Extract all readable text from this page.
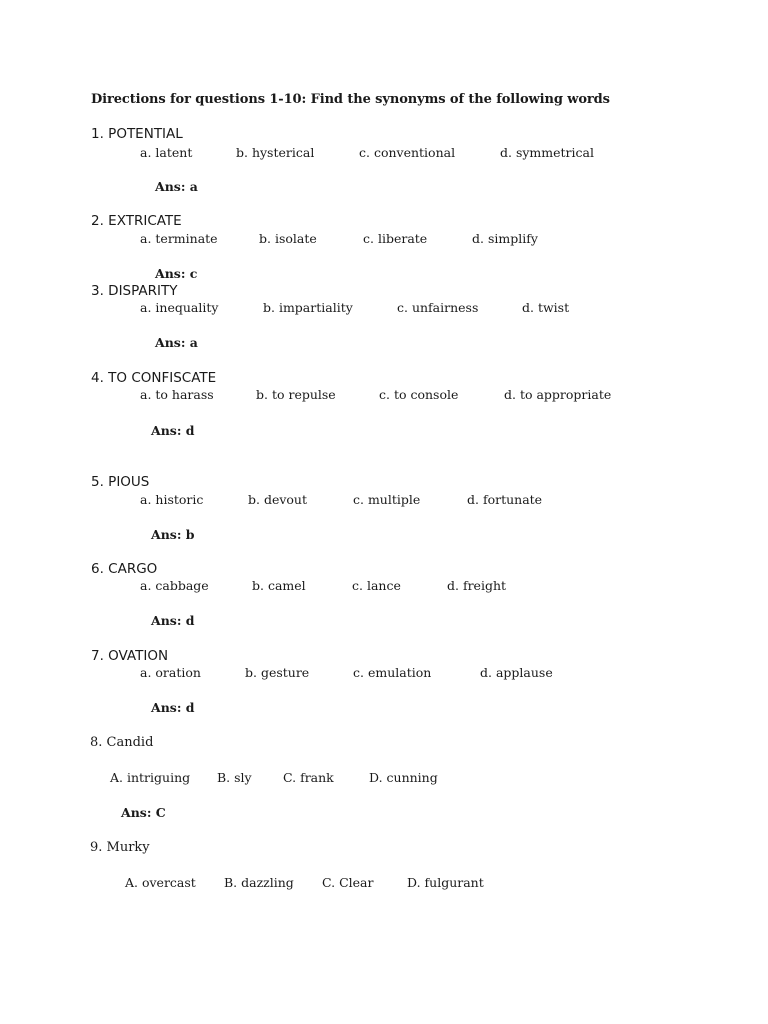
Directions for questions 1-10: Find the synonyms of the following words
1. POTENTIAL
a. latent	b. hysterical	c. conventional	d. symmetrical
Ans: a
2. EXTRICATE
a. terminate	b. isolate	c. liberate	d. simplify
Ans: c
3. DISPARITY
a. inequality	b. impartiality	c. unfairness	d. twist
Ans: a
4. TO CONFISCATE
a. to harass	b. to repulse	c. to console	d. to appropriate
Ans: d
5. PIOUS
a. historic	b. devout	c. multiple	d. fortunate
Ans: b
6. CARGO
a. cabbage	b. camel	c. lance	d. freight
Ans: d
7. OVATION
a. oration	b. gesture	c. emulation	d. applause
Ans: d
8. Candid
A. intriguing B. sly	C. frank	D. cunning
Ans: C
9. Murky
A. overcast B. dazzling C. Clear	D. fulgurant
